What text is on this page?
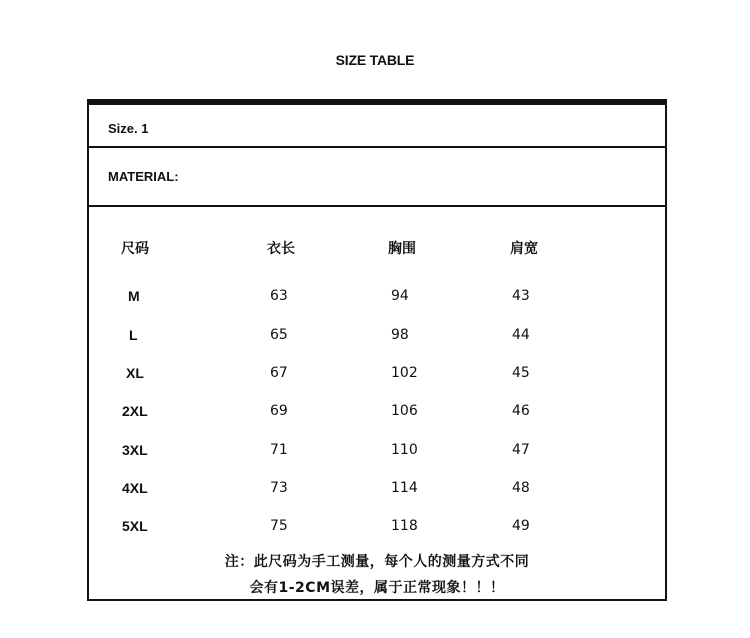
SIZE TABLE
Size. 1
MATERIAL:
尺码	衣长	胸围	肩宽
M	63	94	43
L	65	98	44
XL	67	102	45
2XL	69	106	46
3XL	71	110	47
4XL	73	114	48
5XL	75	118	49
注：此尺码为手工测量，每个人的测量方式不同
会有1-2CM误差，属于正常现象！！！
